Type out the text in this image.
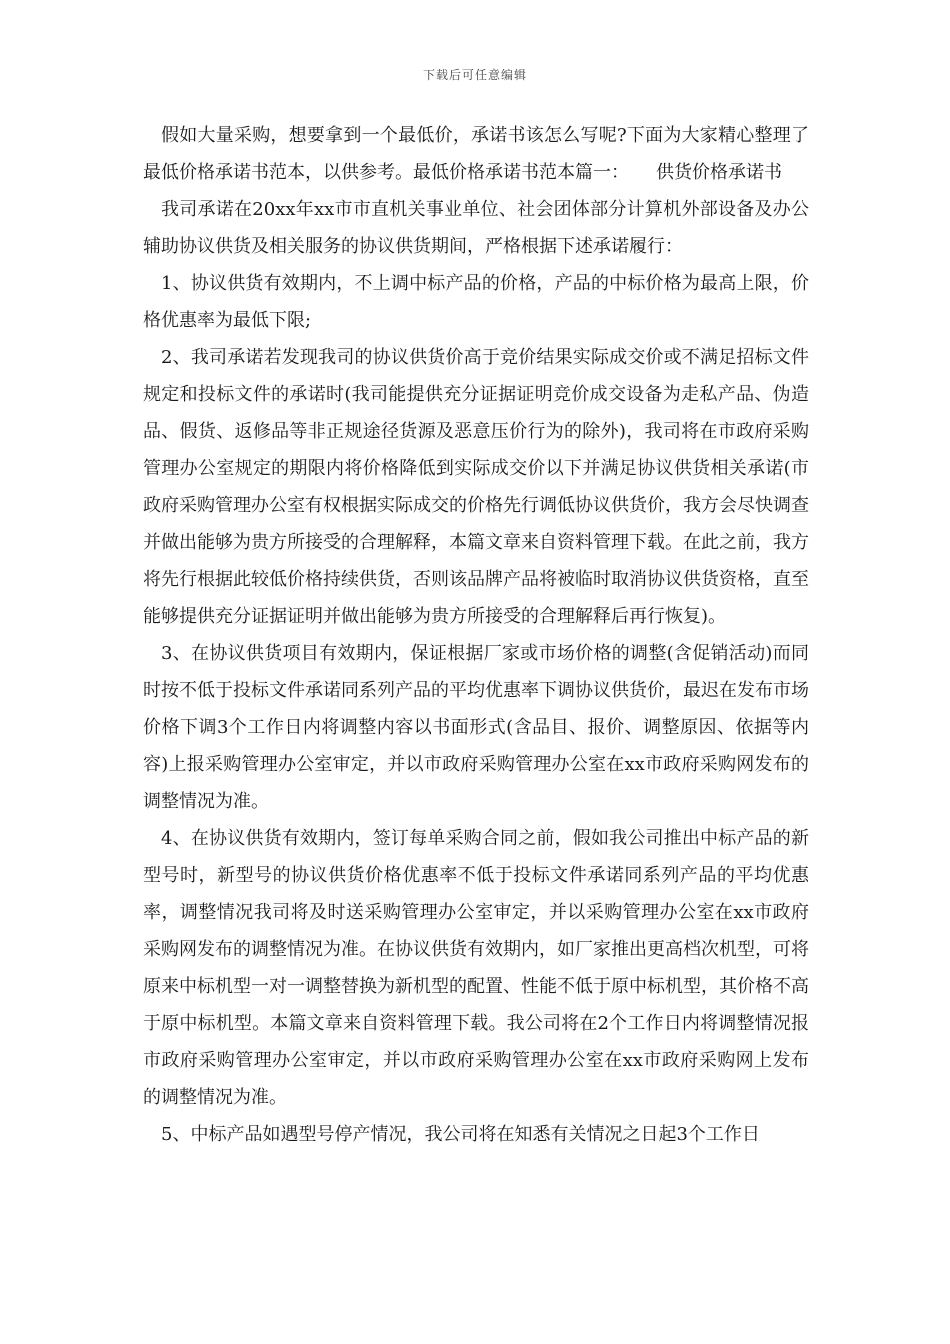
下载后可任意编辑

假如大量采购，想要拿到一个最低价，承诺书该怎么写呢?下面为大家精心整理了最低价格承诺书范本，以供参考。最低价格承诺书范本篇一：　　供货价格承诺书

我司承诺在20xx年xx市市直机关事业单位、社会团体部分计算机外部设备及办公辅助协议供货及相关服务的协议供货期间，严格根据下述承诺履行：

1、协议供货有效期内，不上调中标产品的价格，产品的中标价格为最高上限，价格优惠率为最低下限;

2、我司承诺若发现我司的协议供货价高于竞价结果实际成交价或不满足招标文件规定和投标文件的承诺时(我司能提供充分证据证明竞价成交设备为走私产品、伪造品、假货、返修品等非正规途径货源及恶意压价行为的除外)，我司将在市政府采购管理办公室规定的期限内将价格降低到实际成交价以下并满足协议供货相关承诺(市政府采购管理办公室有权根据实际成交的价格先行调低协议供货价，我方会尽快调查并做出能够为贵方所接受的合理解释，本篇文章来自资料管理下载。在此之前，我方将先行根据此较低价格持续供货，否则该品牌产品将被临时取消协议供货资格，直至能够提供充分证据证明并做出能够为贵方所接受的合理解释后再行恢复)。

3、在协议供货项目有效期内，保证根据厂家或市场价格的调整(含促销活动)而同时按不低于投标文件承诺同系列产品的平均优惠率下调协议供货价，最迟在发布市场价格下调3个工作日内将调整内容以书面形式(含品目、报价、调整原因、依据等内容)上报采购管理办公室审定，并以市政府采购管理办公室在xx市政府采购网发布的调整情况为准。

4、在协议供货有效期内，签订每单采购合同之前，假如我公司推出中标产品的新型号时，新型号的协议供货价格优惠率不低于投标文件承诺同系列产品的平均优惠率，调整情况我司将及时送采购管理办公室审定，并以采购管理办公室在xx市政府采购网发布的调整情况为准。在协议供货有效期内，如厂家推出更高档次机型，可将原来中标机型一对一调整替换为新机型的配置、性能不低于原中标机型，其价格不高于原中标机型。本篇文章来自资料管理下载。我公司将在2个工作日内将调整情况报市政府采购管理办公室审定，并以市政府采购管理办公室在xx市政府采购网上发布的调整情况为准。

5、中标产品如遇型号停产情况，我公司将在知悉有关情况之日起3个工作日
